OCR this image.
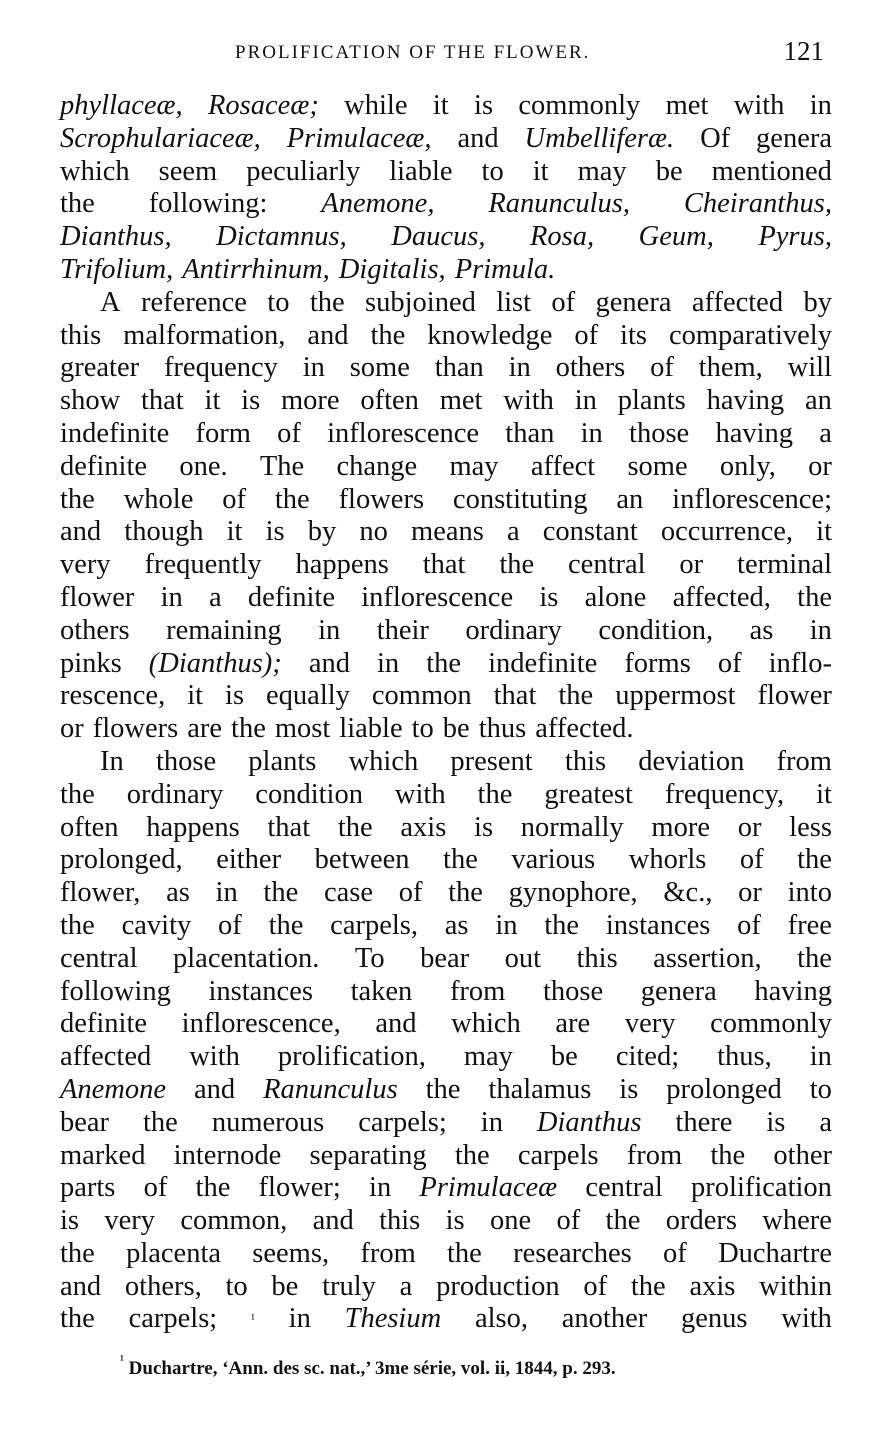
PROLIFICATION OF THE FLOWER.	121
phyllaceæ, Rosaceæ; while it is commonly met with in
Scrophulariaceæ, Primulaceæ, and Umbelliferæ. Of genera
which seem peculiarly liable to it may be mentioned
the following: Anemone, Ranunculus, Cheiranthus,
Dianthus, Dictamnus, Daucus, Rosa, Geum, Pyrus,
Trifolium, Antirrhinum, Digitalis, Primula.
A reference to the subjoined list of genera affected by
this malformation, and the knowledge of its comparatively
greater frequency in some than in others of them, will
show that it is more often met with in plants having an
indefinite form of inflorescence than in those having a
definite one. The change may affect some only, or
the whole of the flowers constituting an inflorescence;
and though it is by no means a constant occurrence, it
very frequently happens that the central or terminal
flower in a definite inflorescence is alone affected, the
others remaining in their ordinary condition, as in
pinks (Dianthus); and in the indefinite forms of inflo-
rescence, it is equally common that the uppermost flower
or flowers are the most liable to be thus affected.
In those plants which present this deviation from
the ordinary condition with the greatest frequency, it
often happens that the axis is normally more or less
prolonged, either between the various whorls of the
flower, as in the case of the gynophore, &c., or into
the cavity of the carpels, as in the instances of free
central placentation. To bear out this assertion, the
following instances taken from those genera having
definite inflorescence, and which are very commonly
affected with prolification, may be cited; thus, in
Anemone and Ranunculus the thalamus is prolonged to
bear the numerous carpels; in Dianthus there is a
marked internode separating the carpels from the other
parts of the flower; in Primulaceæ central prolification
is very common, and this is one of the orders where
the placenta seems, from the researches of Duchartre
and others, to be truly a production of the axis within
the carpels;	¹ in Thesium also, another genus with
$^{^1}$ Duchartre, ‘Ann. des sc. nat.,’ 3me série, vol. ii, 1844, p. 293.
